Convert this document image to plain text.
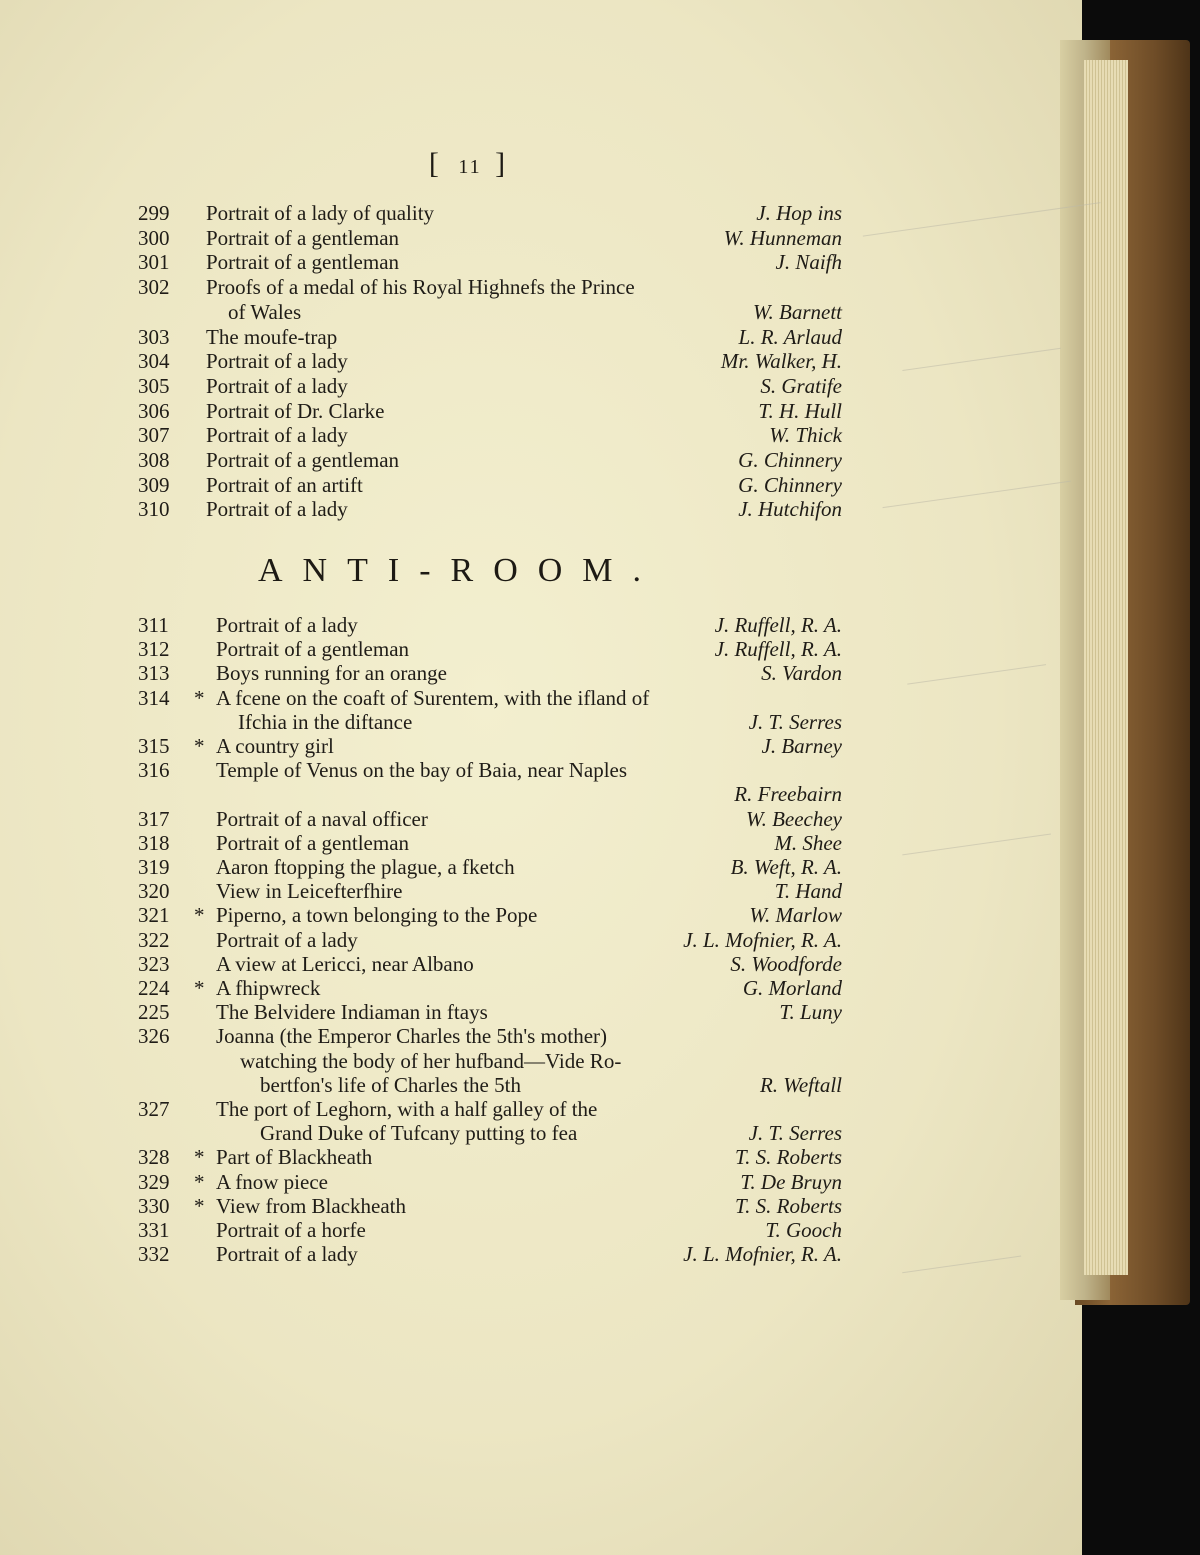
[ 11 ]
299	Portrait of a lady of quality	J. Hop ins
300	Portrait of a gentleman	W. Hunneman
301	Portrait of a gentleman	J. Naifh
302	Proofs of a medal of his Royal Highnefs the Prince
of Wales	W. Barnett
303	The moufe-trap	L. R. Arlaud
304	Portrait of a lady	Mr. Walker, H.
305	Portrait of a lady	S. Gratife
306	Portrait of Dr. Clarke	T. H. Hull
307	Portrait of a lady	W. Thick
308	Portrait of a gentleman	G. Chinnery
309	Portrait of an artift	G. Chinnery
310	Portrait of a lady	J. Hutchifon
ANTI-ROOM.
311	Portrait of a lady	J. Ruffell, R. A.
312	Portrait of a gentleman	J. Ruffell, R. A.
313	Boys running for an orange	S. Vardon
314	* A fcene on the coaft of Surentem, with the ifland of
Ifchia in the diftance	J. T. Serres
315	* A country girl	J. Barney
316	Temple of Venus on the bay of Baia, near Naples
R. Freebairn
317	Portrait of a naval officer	W. Beechey
318	Portrait of a gentleman	M. Shee
319	Aaron ftopping the plague, a fketch	B. Weft, R. A.
320	View in Leicefterfhire	T. Hand
321	* Piperno, a town belonging to the Pope	W. Marlow
322	Portrait of a lady	J. L. Mofnier, R. A.
323	A view at Lericci, near Albano	S. Woodforde
224	* A fhipwreck	G. Morland
225	The Belvidere Indiaman in ftays	T. Luny
326	Joanna (the Emperor Charles the 5th's mother)
watching the body of her hufband—Vide Ro-
bertfon's life of Charles the 5th	R. Weftall
327	The port of Leghorn, with a half galley of the
Grand Duke of Tufcany putting to fea	J. T. Serres
328	* Part of Blackheath	T. S. Roberts
329	* A fnow piece	T. De Bruyn
330	* View from Blackheath	T. S. Roberts
331	Portrait of a horfe	T. Gooch
332	Portrait of a lady	J. L. Mofnier, R. A.
